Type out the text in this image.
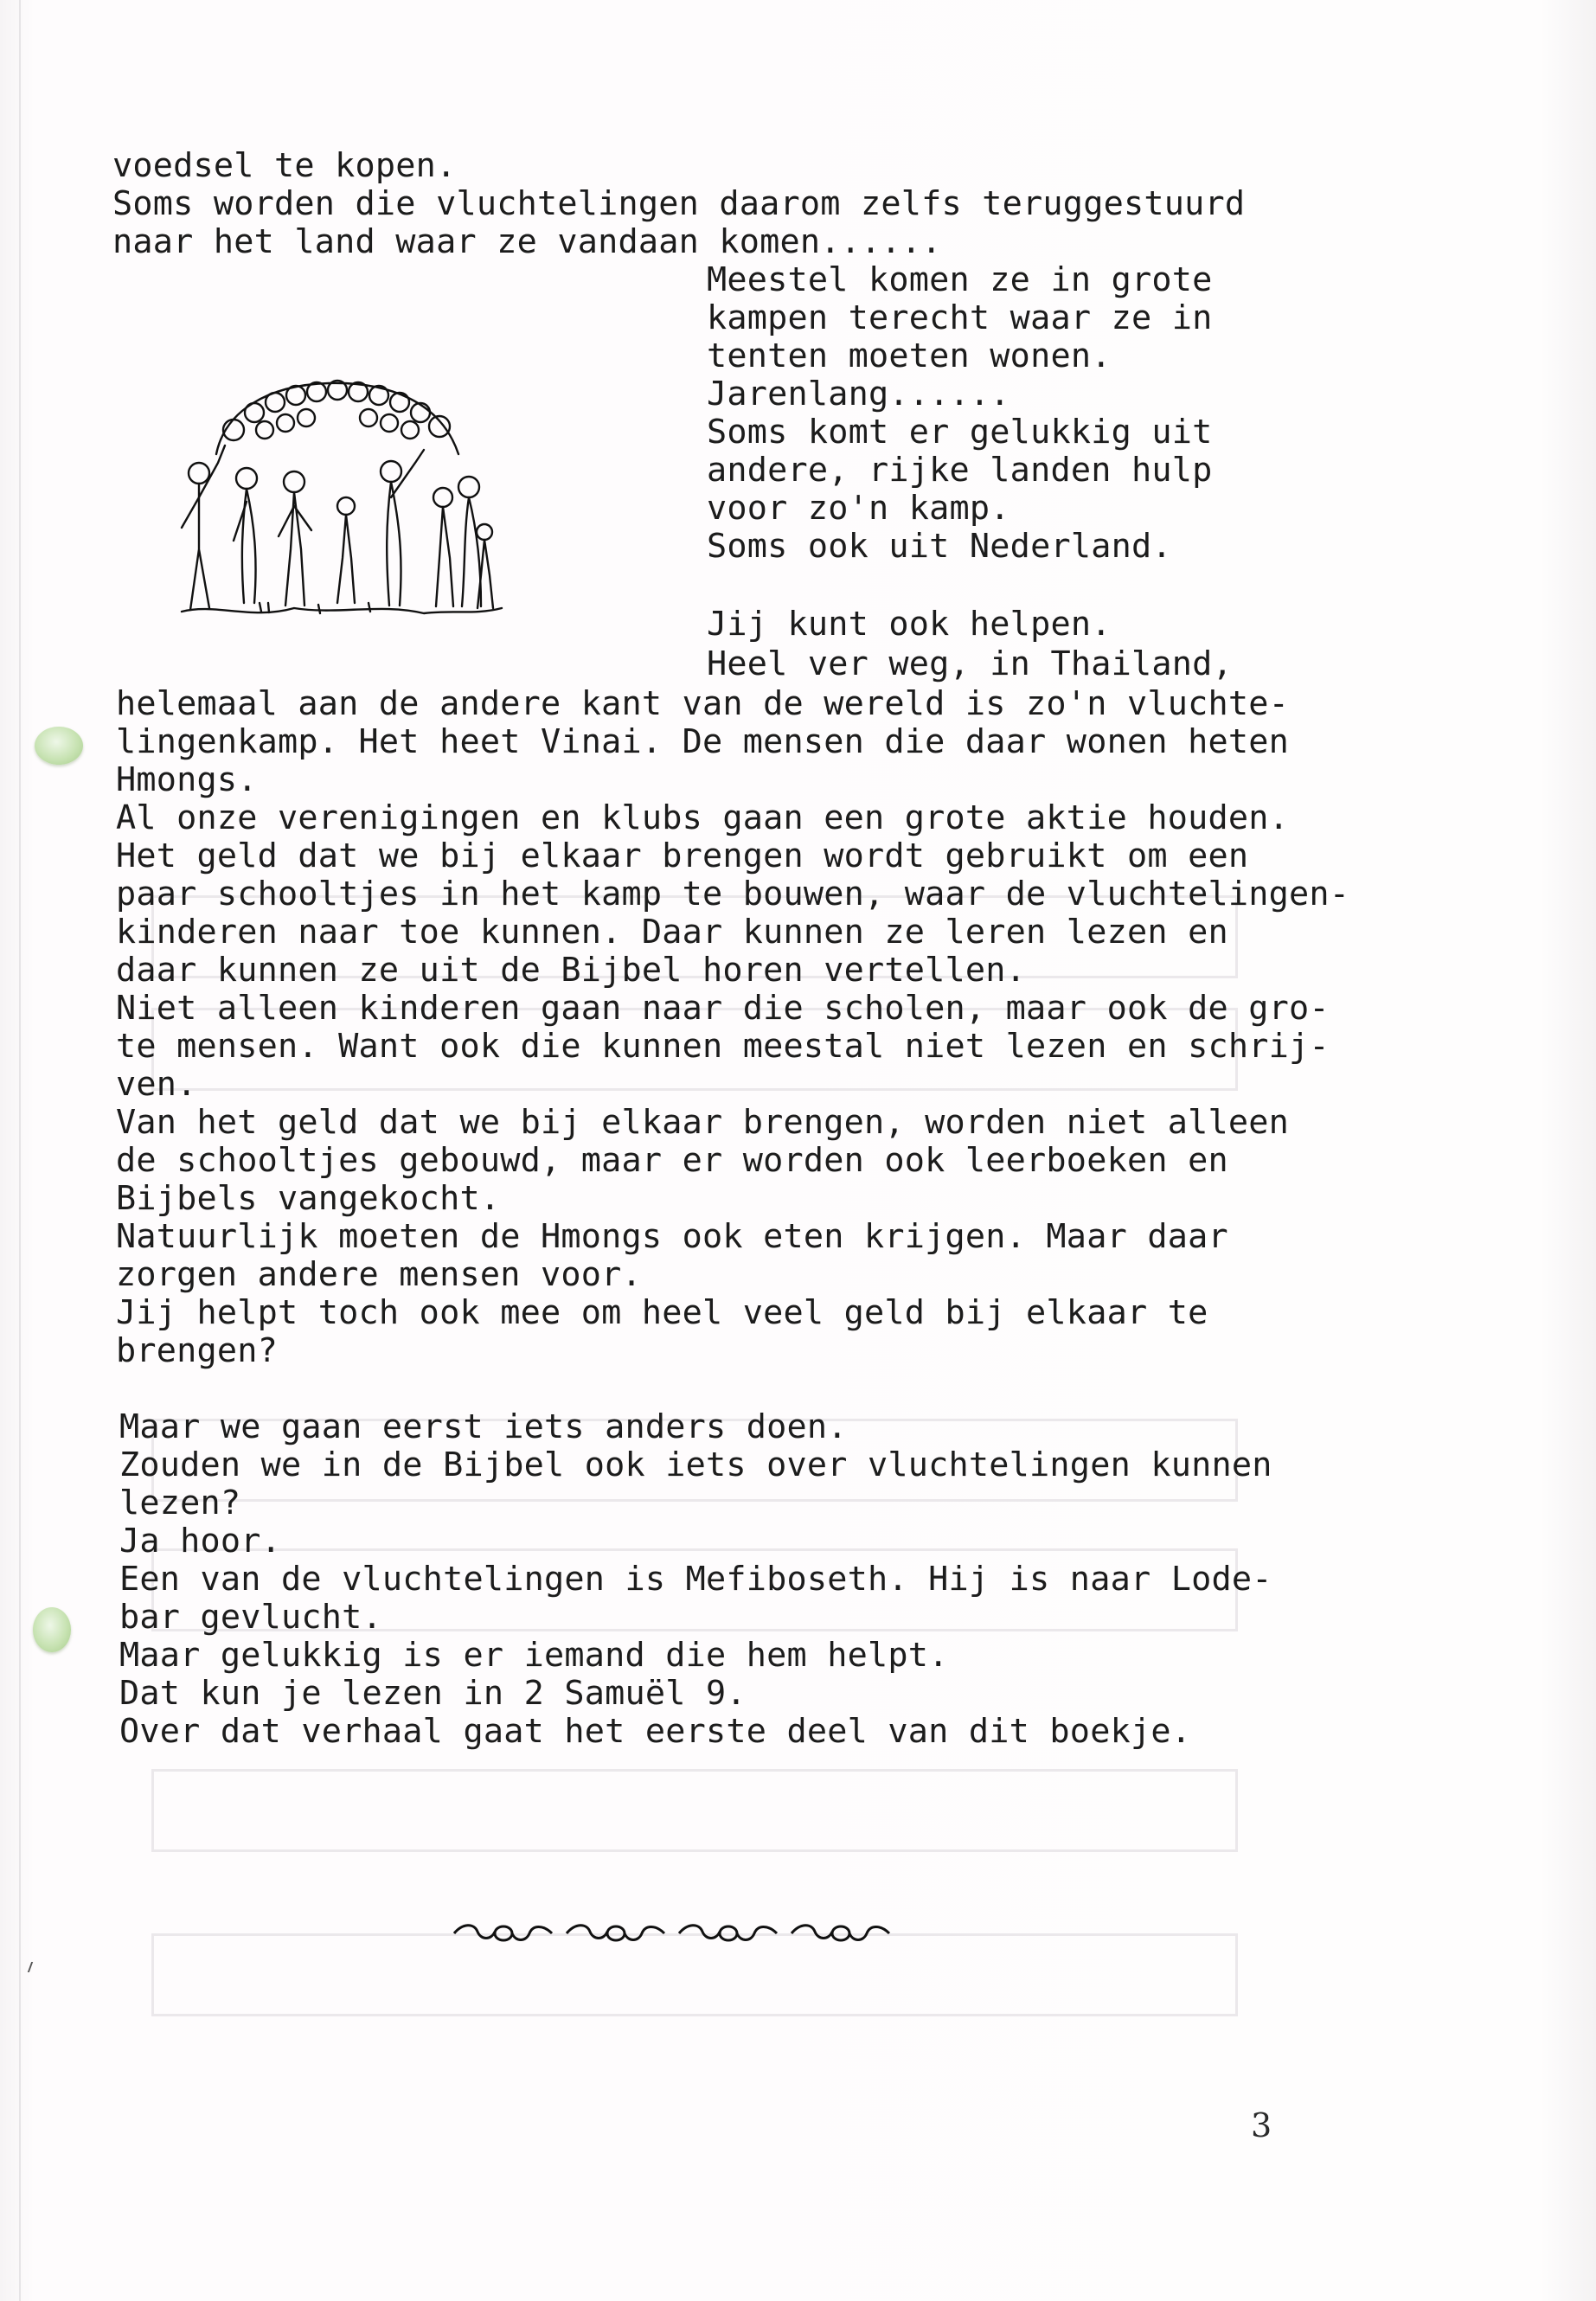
voedsel te kopen.
Soms worden die vluchtelingen daarom zelfs teruggestuurd
naar het land waar ze vandaan komen......
Meestel komen ze in grote
kampen terecht waar ze in
tenten moeten wonen.
Jarenlang......
Soms komt er gelukkig uit
andere, rijke landen hulp
voor zo'n kamp.
Soms ook uit Nederland.
Jij kunt ook helpen.
Heel ver weg, in Thailand,
helemaal aan de andere kant van de wereld is zo'n vluchte-
lingenkamp. Het heet Vinai. De mensen die daar wonen heten
Hmongs.
Al onze verenigingen en klubs gaan een grote aktie houden.
Het geld dat we bij elkaar brengen wordt gebruikt om een
paar schooltjes in het kamp te bouwen, waar de vluchtelingen-
kinderen naar toe kunnen. Daar kunnen ze leren lezen en
daar kunnen ze uit de Bijbel horen vertellen.
Niet alleen kinderen gaan naar die scholen, maar ook de gro-
te mensen. Want ook die kunnen meestal niet lezen en schrij-
ven.
Van het geld dat we bij elkaar brengen, worden niet alleen
de schooltjes gebouwd, maar er worden ook leerboeken en
Bijbels vangekocht.
Natuurlijk moeten de Hmongs ook eten krijgen. Maar daar
zorgen andere mensen voor.
Jij helpt toch ook mee om heel veel geld bij elkaar te
brengen?
Maar we gaan eerst iets anders doen.
Zouden we in de Bijbel ook iets over vluchtelingen kunnen
lezen?
Ja hoor.
Een van de vluchtelingen is Mefiboseth. Hij is naar Lode-
bar gevlucht.
Maar gelukkig is er iemand die hem helpt.
Dat kun je lezen in 2 Samuël 9.
Over dat verhaal gaat het eerste deel van dit boekje.
3
